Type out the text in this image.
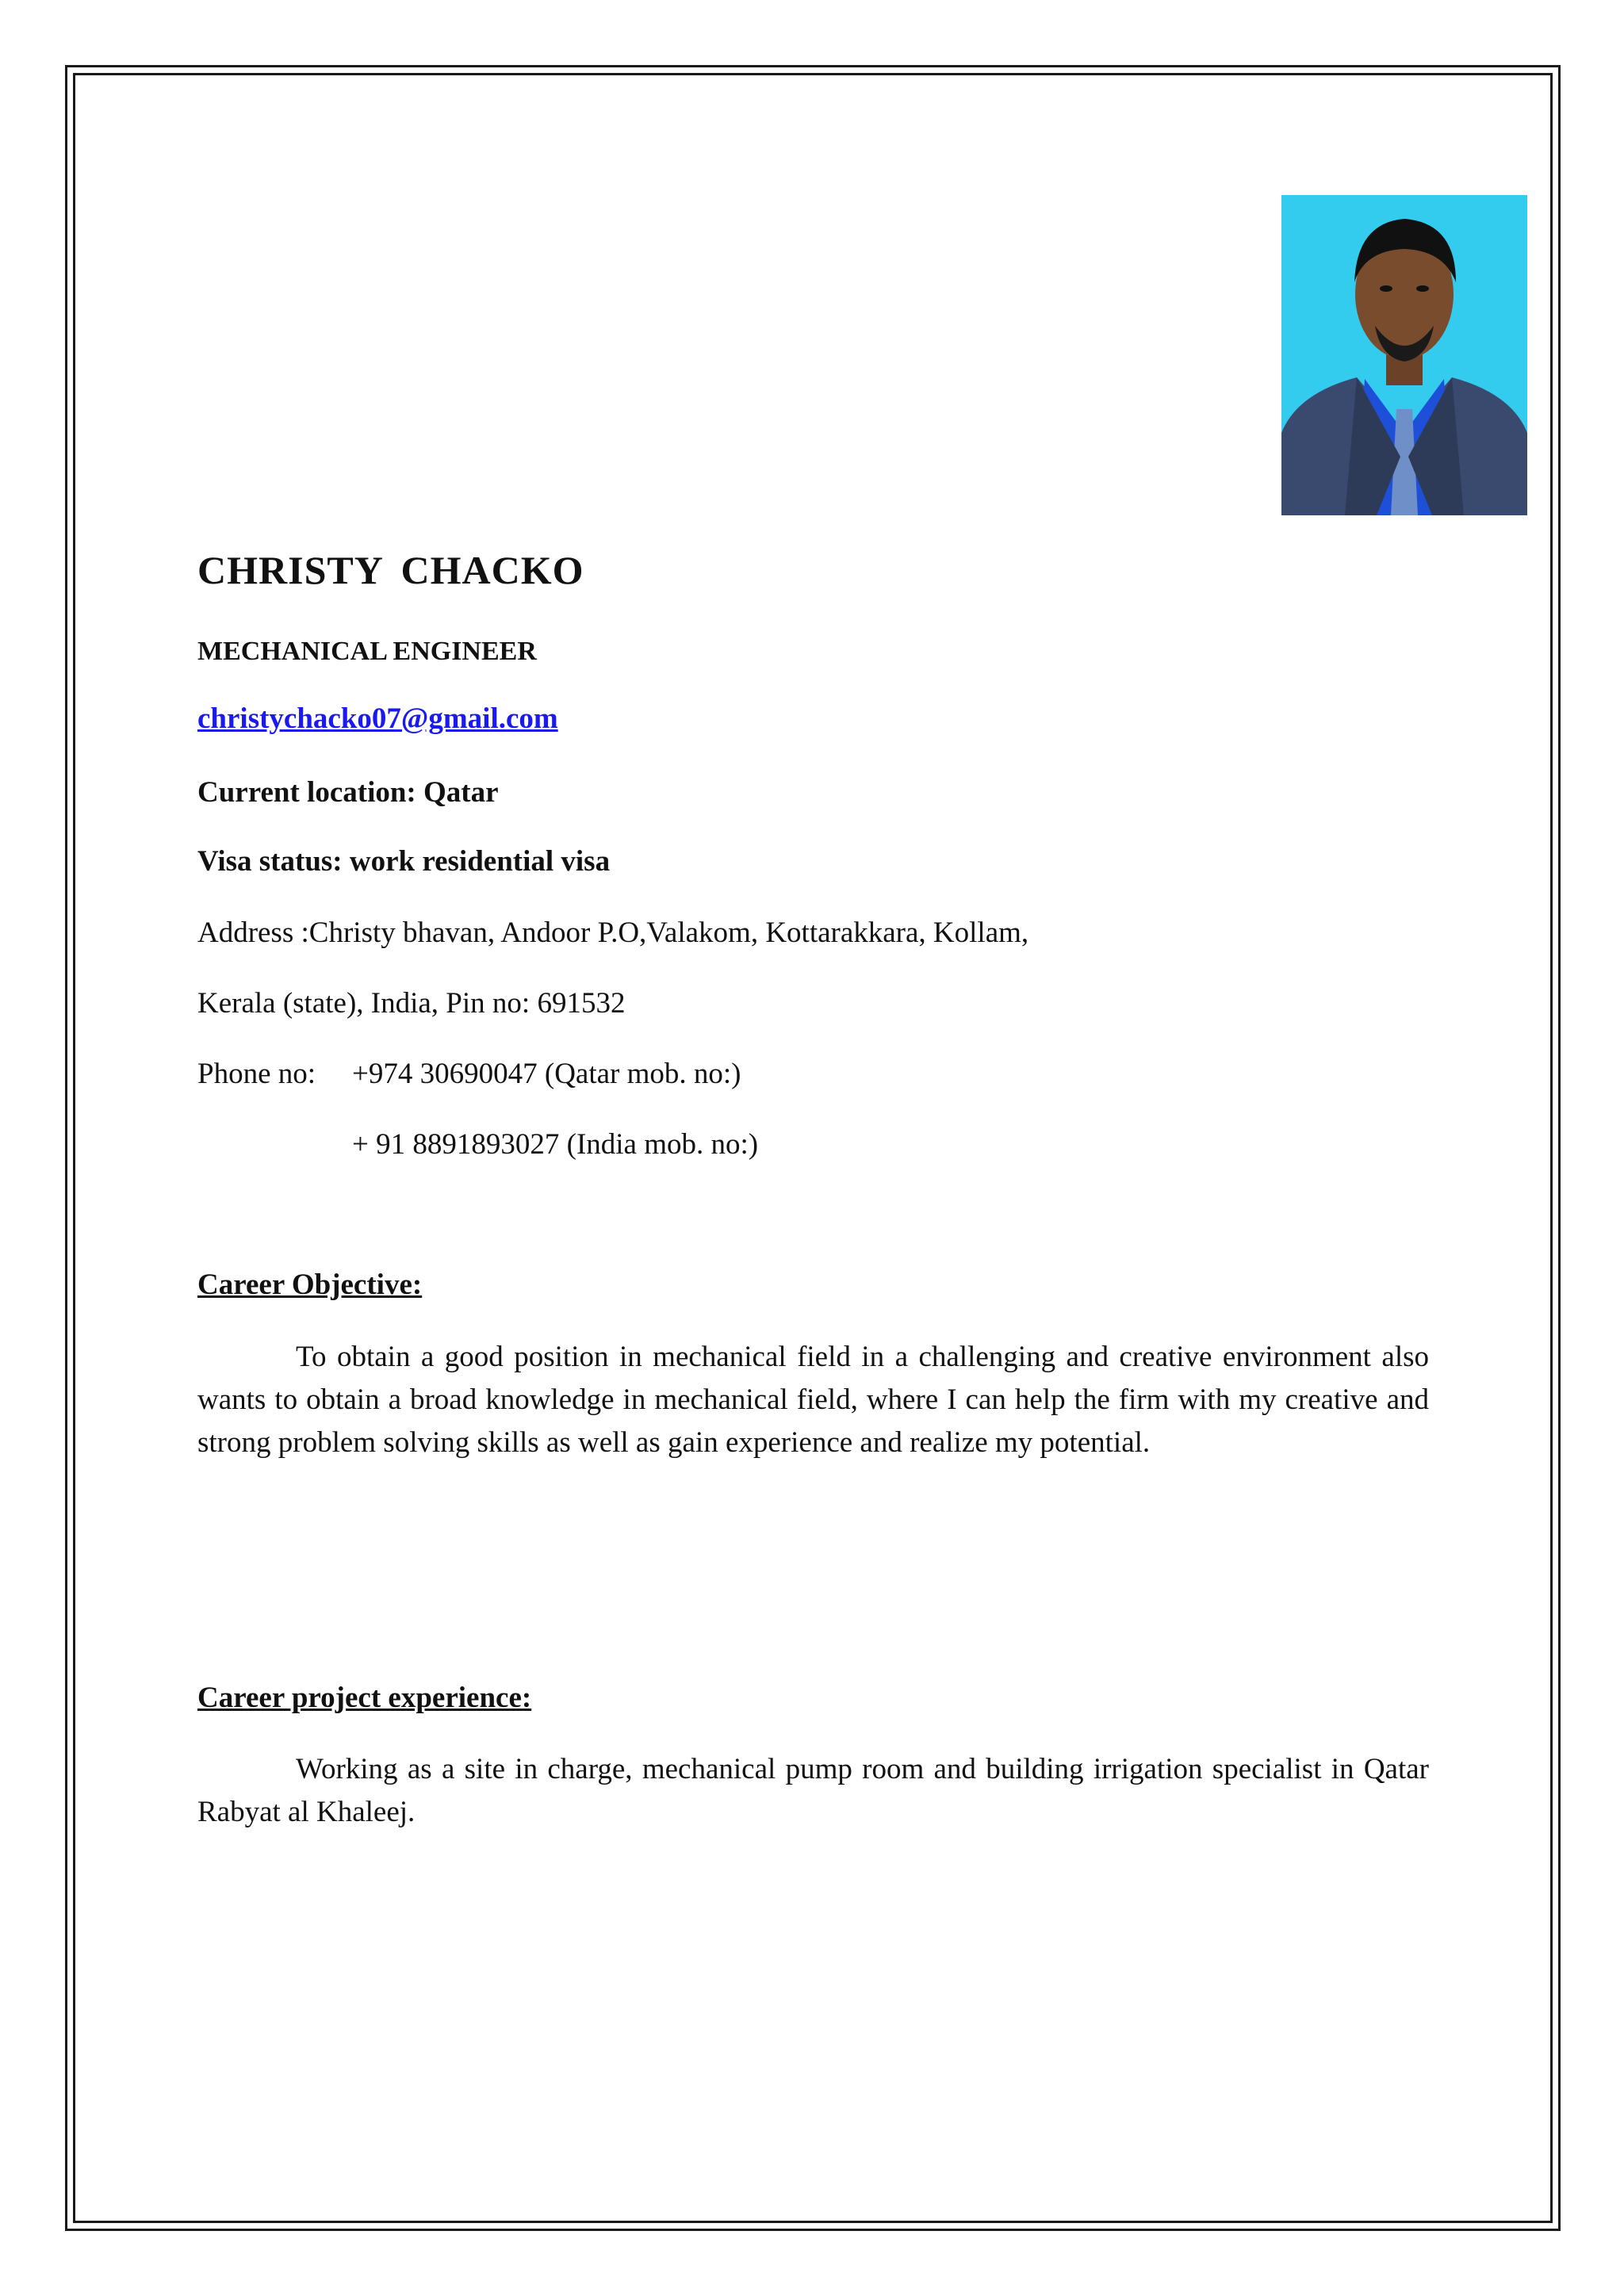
CHRISTY CHACKO
MECHANICAL ENGINEER
christychacko07@gmail.com
Current location: Qatar
Visa status: work residential visa
Address :Christy bhavan, Andoor P.O,Valakom, Kottarakkara, Kollam,
Kerala (state), India, Pin no: 691532
Phone no: +974 30690047 (Qatar mob. no:)
+ 91 8891893027 (India mob. no:)
Career Objective:

To obtain a good position in mechanical field in a challenging and creative environment also wants to obtain a broad knowledge in mechanical field, where I can help the firm with my creative and strong problem solving skills as well as gain experience and realize my potential.

Career project experience:

Working as a site in charge, mechanical pump room and building irrigation specialist in Qatar Rabyat al Khaleej.
